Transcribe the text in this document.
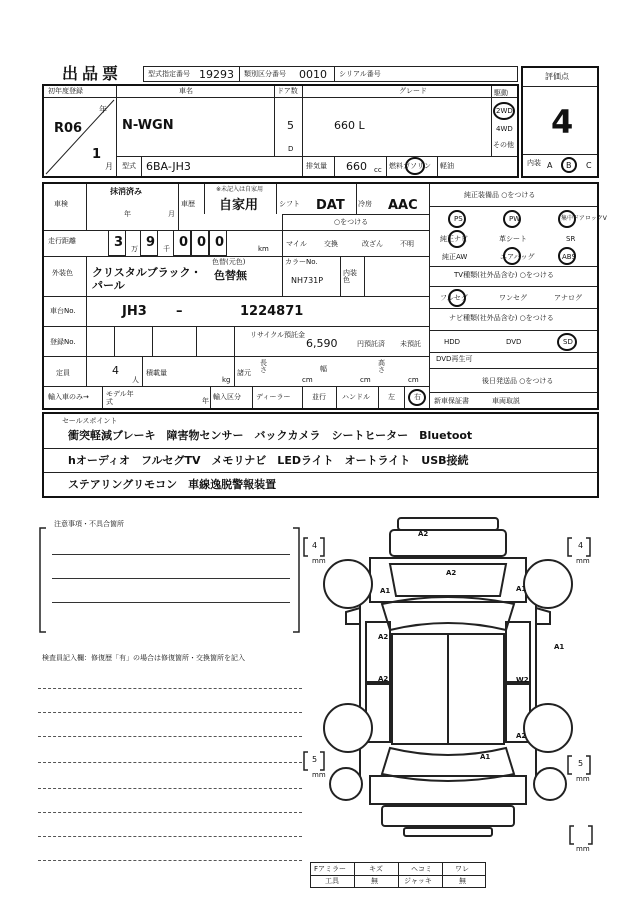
出品票	型式指定番号 19293 類別区分番号 0010 シリアル番号	評価点
4
内装 A B C
初年度登録
R06
年
1
月
車名
N-WGN
ドア数
5
D
グレード
660 L
駆動
2WD
4WD
その他
型式 6BA-JH3	排気量 660 cc 燃料 ガソリン 軽油
車検
抹消済み
年	月
車歴
※未記入は自家用
自家用	シフト DAT 冷房 AAC
走行距離	3 万 9 千 0 0 0	km
○をつける
マイル 交換	改ざん 不明
外装色 クリスタルブラック・パール
色替(元色)
色替無
カラーNo.
NH731P
内装色
車台No.	JH3 –	1224871
登録No.
リサイクル預託金
6,590	円預託済 未預託
定員	4
人
積載量
kg
諸元
長さ
cm
幅
cm
高さ
cm
輸入車のみ→ モデル年式	年 輸入区分 ディーラー	並行 ハンドル	左	右
純正装備品 ○をつける
PS	PW	集中ドアロックV
純正ナビ	革シート	SR
純正AW	エアバッグ	ABS
TV種類(社外品含む) ○をつける
フルセグ	ワンセグ	アナログ
ナビ種類(社外品含む) ○をつける
HDD	DVD	SD
DVD再生可
後日発送品 ○をつける
新車保証書	車両取説
セールスポイント
衝突軽減ブレーキ　障害物センサー　バックカメラ　シートヒーター　Bluetoot
hオーディオ　フルセグTV　メモリナビ　LEDライト　オートライト　USB接続
ステアリングリモコン　車線逸脱警報装置
注意事項・不具合箇所
検査員記入欄：修復歴「有」の場合は修復箇所・交換箇所を記入
A2
A2
A1	A1
A2
A1
A2	W2
A2
A1
4
mm
4
mm
5
mm
5
mm
mm
Fアミラー	キズ	ヘコミ	ワレ
工具	無	ジャッキ	無
